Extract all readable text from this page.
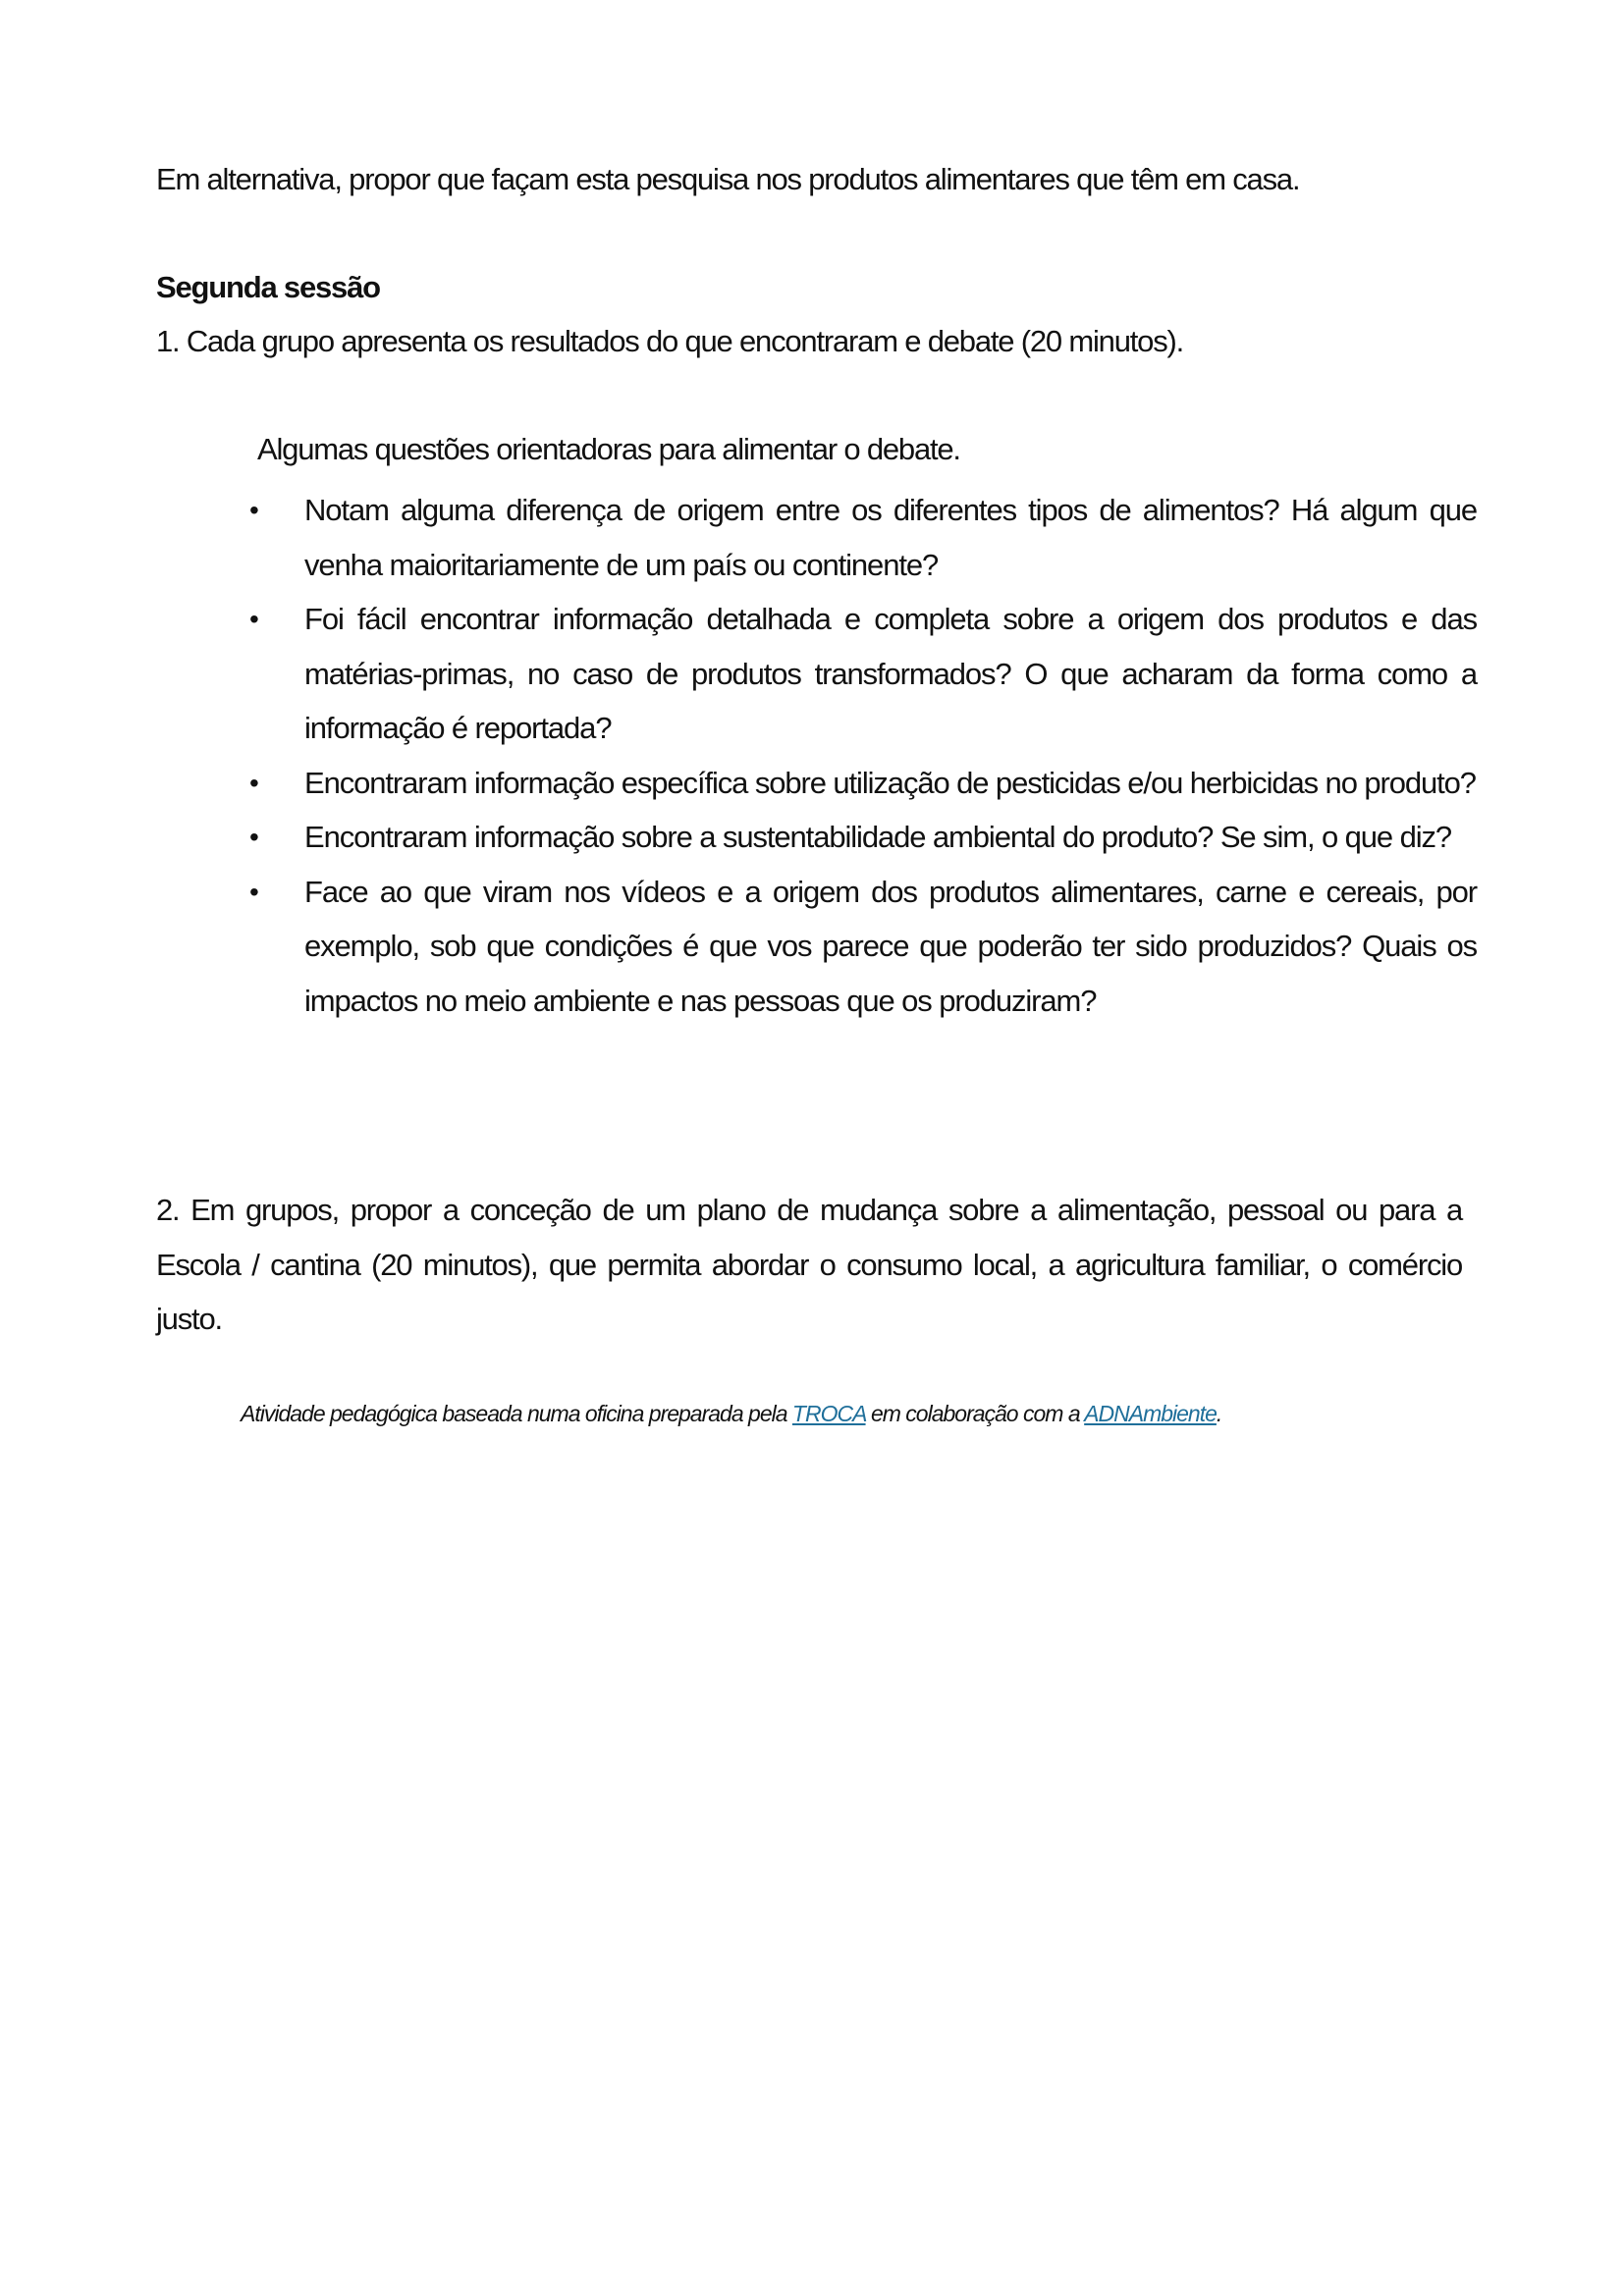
Em alternativa, propor que façam esta pesquisa nos produtos alimentares que têm em casa.
Segunda sessão
1. Cada grupo apresenta os resultados do que encontraram e debate (20 minutos).
Algumas questões orientadoras para alimentar o debate.
• Notam alguma diferença de origem entre os diferentes tipos de alimentos? Há algum que venha maioritariamente de um país ou continente?
• Foi fácil encontrar informação detalhada e completa sobre a origem dos produtos e das matérias-primas, no caso de produtos transformados? O que acharam da forma como a informação é reportada?
• Encontraram informação específica sobre utilização de pesticidas e/ou herbicidas no produto?
• Encontraram informação sobre a sustentabilidade ambiental do produto? Se sim, o que diz?
• Face ao que viram nos vídeos e a origem dos produtos alimentares, carne e cereais, por exemplo, sob que condições é que vos parece que poderão ter sido produzidos? Quais os impactos no meio ambiente e nas pessoas que os produziram?
2. Em grupos, propor a conceção de um plano de mudança sobre a alimentação, pessoal ou para a Escola / cantina (20 minutos), que permita abordar o consumo local, a agricultura familiar, o comércio justo.
Atividade pedagógica baseada numa oficina preparada pela TROCA em colaboração com a ADNAmbiente.
